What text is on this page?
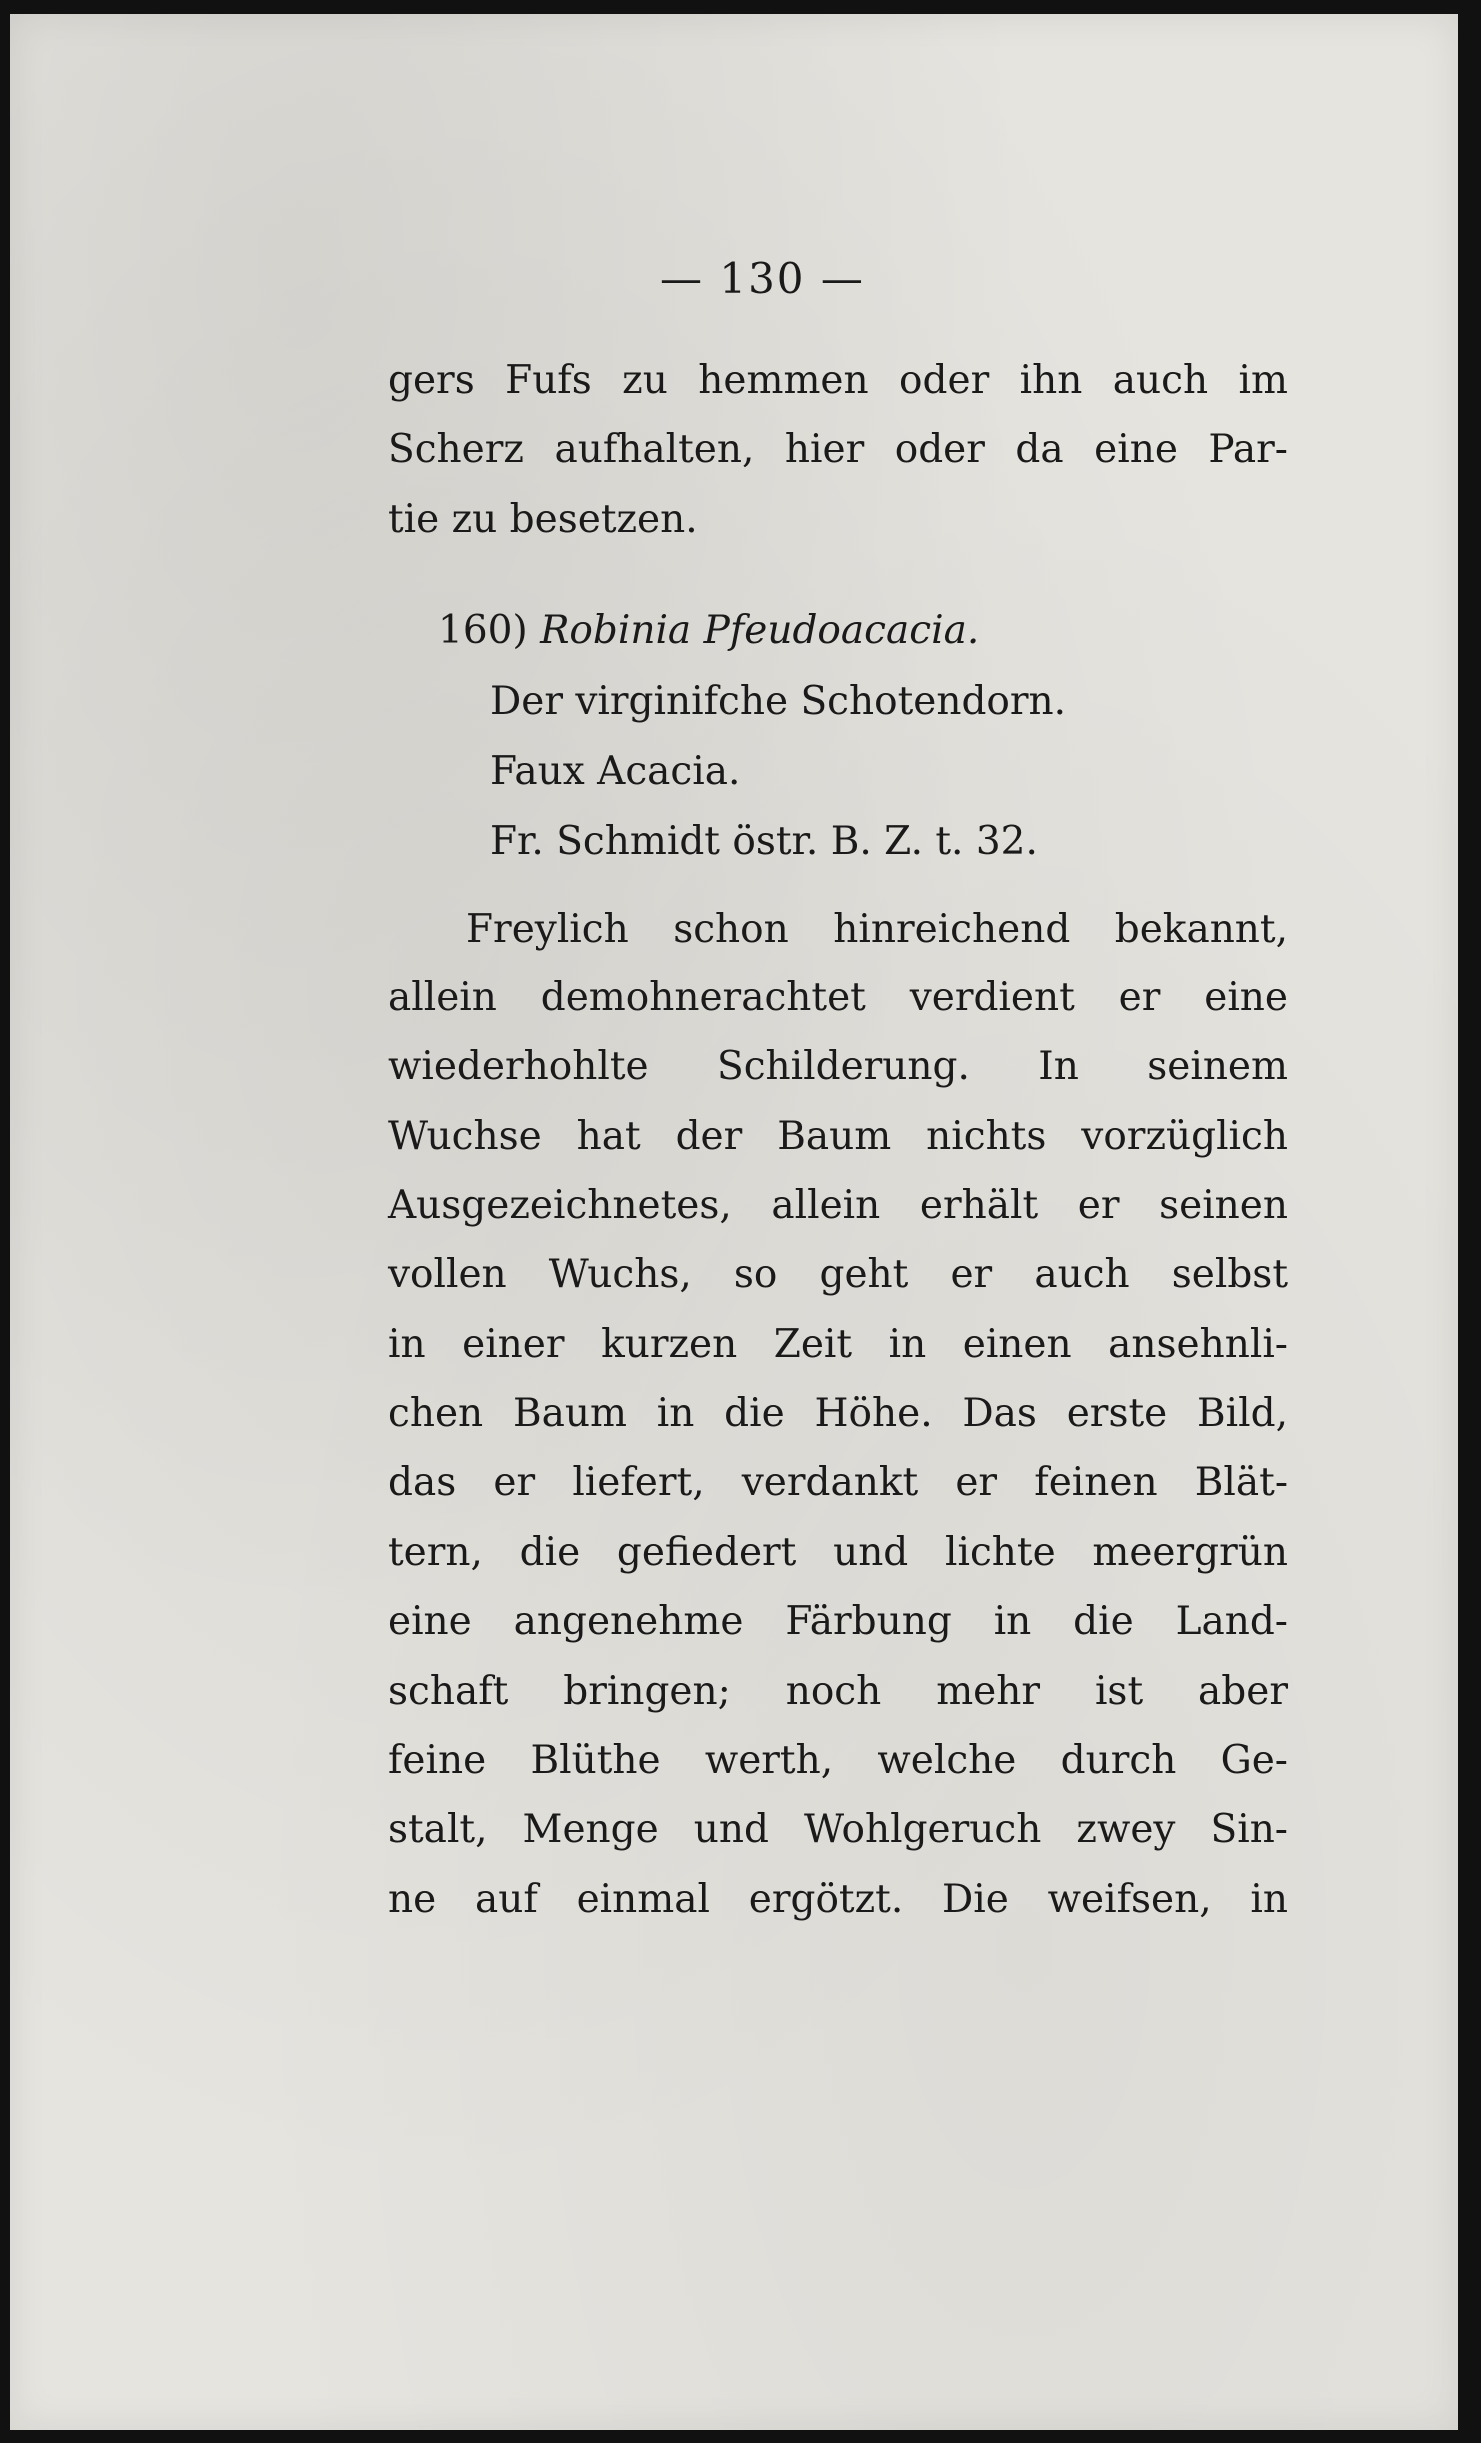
— 130 —
gers Fufs zu hemmen oder ihn auch im
Scherz aufhalten, hier oder da eine Par-
tie zu besetzen.
160) Robinia Pfeudoacacia.
Der virginifche Schotendorn.
Faux Acacia.
Fr. Schmidt östr. B. Z. t. 32.
Freylich schon hinreichend bekannt,
allein demohnerachtet verdient er eine
wiederhohlte Schilderung. In seinem
Wuchse hat der Baum nichts vorzüglich
Ausgezeichnetes, allein erhält er seinen
vollen Wuchs, so geht er auch selbst
in einer kurzen Zeit in einen ansehnli-
chen Baum in die Höhe. Das erste Bild,
das er liefert, verdankt er feinen Blät-
tern, die gefiedert und lichte meergrün
eine angenehme Färbung in die Land-
schaft bringen; noch mehr ist aber
feine Blüthe werth, welche durch Ge-
stalt, Menge und Wohlgeruch zwey Sin-
ne auf einmal ergötzt. Die weifsen, in
